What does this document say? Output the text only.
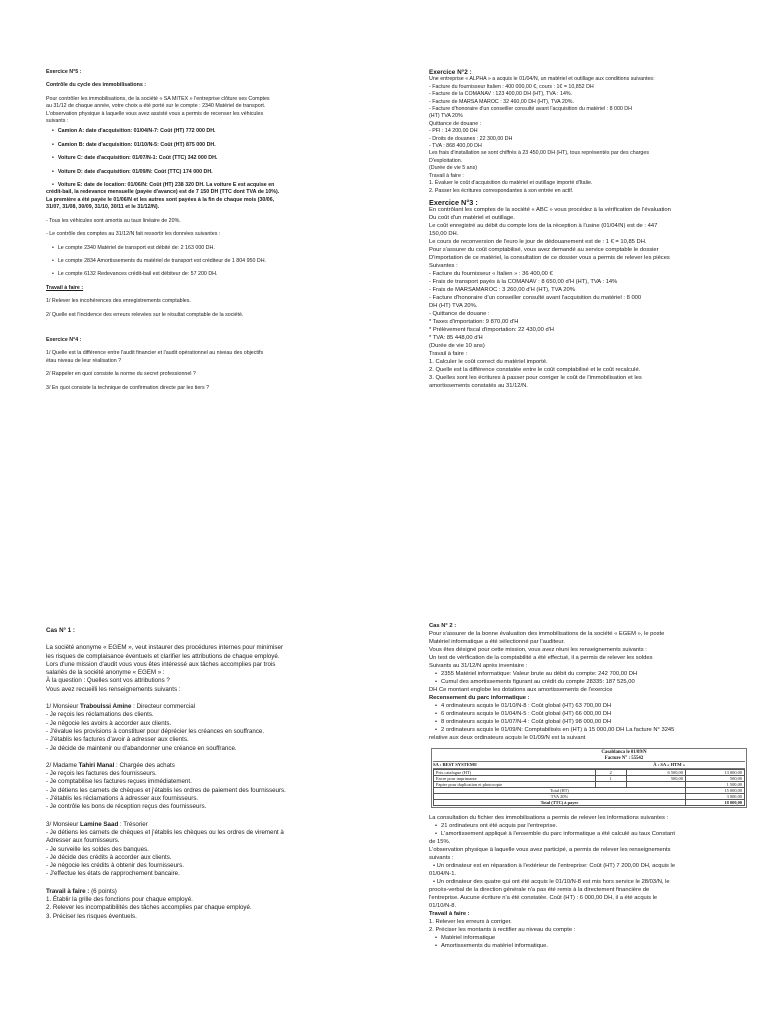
Exercice N°5 :

Contrôle du cycle des immobilisations :

Pour contrôler les immobilisations, de la société « SA MITEX » l'entreprise clôture ses Comptes

au 31/12 de chaque année, votre choix a été porté sur le compte : 2340 Matériel de transport.

L'observation physique à laquelle vous avez assisté vous a permis de recenser les véhicules

suivants :

• Camion A: date d'acquisition: 01/04/N-7: Coût (HT) 772 000 DH.

• Camion B: date d'acquisition: 01/10/N-5: Coût (HT) 875 000 DH.

• Voiture C: date d'acquisition: 01/07/N-1: Coût (TTC) 342 000 DH.

• Voiture D: date d'acquisition: 01/09/N: Coût (TTC) 174 000 DH.

• Voiture E: date de location: 01/06/N: Coût (HT) 238 320 DH. La voiture E est acquise en

crédit-bail, la redevance mensuelle (payée d'avance) est de 7 150 DH (TTC dont TVA de 10%).

La première a été payée le 01/06/N et les autres sont payées à la fin de chaque mois (30/06,

31/07, 31/08, 30/09, 31/10, 30/11 et le 31/12/N).

- Tous les véhicules sont amortis au taux linéaire de 20%.

- Le contrôle des comptes au 31/12/N fait ressortir les données suivantes :

• Le compte 2340 Matériel de transport est débité de: 2 163 000 DH.

• Le compte 2834 Amortissements du matériel de transport est créditeur de 1 804 950 DH.

• Le compte 6132 Redevances crédit-bail est débiteur de: 57 200 DH.

Travail à faire :

1/ Relever les incohérences des enregistrements comptables.

2/ Quelle est l'incidence des erreurs relevées sur le résultat comptable de la société.

Exercice N°4 :

1/ Quelle est la différence entre l'audit financier et l'audit opérationnel au niveau des objectifs

étau niveau de leur réalisation ?

2/ Rappeler en quoi consiste la norme du secret professionnel ?

3/ En quoi consiste la technique de confirmation directe par les tiers ?

Exercice N°2 :

Une entreprise « ALPHA » a acquis le 01/04/N, un matériel et outillage aux conditions suivantes:

- Facture du fournisseur Italien : 400 000,00 €, cours : 1€ = 10,852 DH

- Facture de la COMANAV : 123 400,00 DH (HT), TVA : 14%.

- Facture de MARSA MAROC : 32 460,00 DH (HT), TVA 20%.

- Facture d'honoraire d'un conseiller consulté avant l'acquisition du matériel : 8 000 DH

(HT) TVA 20%

Quittance de douane :

- PFI : 14 200,00 DH

- Droits de douanes : 22 300,00 DH

- TVA : 868 400,00 DH

Les frais d'installation se sont chiffrés à 23 450,00 DH (HT), tous représentés par des charges

D'exploitation.

(Durée de vie 5 ans)

Travail à faire :

1. Évaluer le coût d'acquisition du matériel et outillage importé d'Italie.

2. Passer les écritures correspondantes à son entrée en actif.

Exercice N°3 :

En contrôlant les comptes de la société « ABC » vous procédez à la vérification de l'évaluation

Du coût d'un matériel et outillage.

Le coût enregistré au débit du compte lors de la réception à l'usine (01/04/N) est de : 447

150,00 DH.

Le cours de reconversion de l'euro le jour de dédouanement est de : 1 € = 10,85 DH.

Pour s'assurer du coût comptabilisé, vous avez demandé au service comptable le dossier

D'importation de ce matériel, la consultation de ce dossier vous a permis de relever les pièces

Suivantes :

- Facture du fournisseur « Italien » : 36 400,00 €

- Frais de transport payés à la COMANAV : 8 650,00 d'H (HT), TVA : 14%

- Frais de MARSAMAROC : 3 260,00 d'H (HT), TVA 20%

- Facture d'honoraire d'un conseiller consulté avant l'acquisition du matériel : 8 000

DH (HT) TVA 20%.

- Quittance de douane :

* Taxes d'importation: 9 870,00 d'H

* Prélèvement fiscal d'importation: 22 430,00 d'H

* TVA: 85 448,00 d'H

(Durée de vie 10 ans)

Travail à faire :

1. Calculer le coût correct du matériel importé.

2. Quelle est la différence constatée entre le coût comptabilisé et le coût recalculé.

3. Quelles sont les écritures à passer pour corriger le coût de l'immobilisation et les

amortissements constatés au 31/12/N.

Cas N° 1 :

La société anonyme « EGEM », veut instaurer des procédures internes pour minimiser

les risques de complaisance éventuels et clarifier les attributions de chaque employé.

Lors d'une mission d'audit vous vous êtes intéressé aux tâches accomplies par trois

salariés de la société anonyme « EGEM » :

À la question : Quelles sont vos attributions ?

Vous avez recueilli les renseignements suivants :

1/ Monsieur Traboulssi Amine : Directeur commercial

- Je reçois les réclamations des clients.

- Je négocie les avoirs à accorder aux clients.

- J'évalue les provisions à constituer pour déprécier les créances en souffrance.

- J'établis les factures d'avoir à adresser aux clients.

- Je décide de maintenir ou d'abandonner une créance en souffrance.

2/ Madame Tahiri Manal : Chargée des achats

- Je reçois les factures des fournisseurs.

- Je comptabilise les factures reçues immédiatement.

- Je détiens les carnets de chèques et j'établis les ordres de paiement des fournisseurs.

- J'établis les réclamations à adresser aux fournisseurs.

- Je contrôle les bons de réception reçus des fournisseurs.

3/ Monsieur Lamine Saad : Trésorier

- Je détiens les carnets de chèques et j'établis les chèques ou les ordres de virement à

Adresser aux fournisseurs.

- Je surveille les soldes des banques.

- Je décide des crédits à accorder aux clients.

- Je négocie les crédits à obtenir des fournisseurs.

- J'effectue les états de rapprochement bancaire.

Travail à faire : (6 points)

1. Établir la grille des fonctions pour chaque employé.

2. Relever les incompatibilités des tâches accomplies par chaque employé.

3. Préciser les risques éventuels.

Cas N° 2 :

Pour s'assurer de la bonne évaluation des immobilisations de la société « EGEM », le poste

Matériel informatique a été sélectionné par l'auditeur.

Vous êtes désigné pour cette mission, vous avez réuni les renseignements suivants :

Un test de vérification de la comptabilité a été effectué, il a permis de relever les soldes

Suivants au 31/12/N après inventaire :

• 2355 Matériel informatique: Valeur brute au débit du compte: 242 700,00 DH

• Cumul des amortissements figurant au crédit du compte 28335: 187 525,00

DH Ce montant englobe les dotations aux amortissements de l'exercice

Recensement du parc informatique :

• 4 ordinateurs acquis le 01/10/N-8 : Coût global (HT) 63 700,00 DH

• 6 ordinateurs acquis le 01/04/N-5 : Coût global (HT) 66 000,00 DH

• 8 ordinateurs acquis le 01/07/N-4 : Coût global (HT) 98 000,00 DH

• 2 ordinateurs acquis le 01/09/N: Comptabilisés en (HT) à 15 000,00 DH La facture N° 3245

relative aux deux ordinateurs acquis le 01/09/N est la suivant

Casablanca le 01/09/N
Facture N° : 55542
SA : BEST SYSTEME	À : SA « HTM »
Prix catalogue (HT)	2	6 500,00	13 000,00
Encre pour imprimante	1	500,00	500,00
Papier pour duplication et photocopie			1 500,00
Total (HT)			15 000,00
TVA 20%			3 000,00
Total (TTC) à payer			18 000,00

La consultation du fichier des immobilisations a permis de relever les informations suivantes :

• 21 ordinateurs ont été acquis par l'entreprise.

• L'amortissement appliqué à l'ensemble du parc informatique a été calculé au taux Constant

de 15%.

L'observation physique à laquelle vous avez participé, a permis de relever les renseignements

suivants :

• Un ordinateur est en réparation à l'extérieur de l'entreprise: Coût (HT) 7 200,00 DH, acquis le

01/04/N-1.

• Un ordinateur des quatre qui ont été acquis le 01/10/N-8 est mis hors service le 28/03/N, le

procès-verbal de la direction générale n'a pas été remis à la directement financière de

l'entreprise. Aucune écriture n'a été constatée. Coût (HT) : 6 000,00 DH, il a été acquis le

01/10/N-8.

Travail à faire :

1. Relever les erreurs à corriger.

2. Préciser les montants à rectifier au niveau du compte :

• Matériel informatique

• Amortissements du matériel informatique.
